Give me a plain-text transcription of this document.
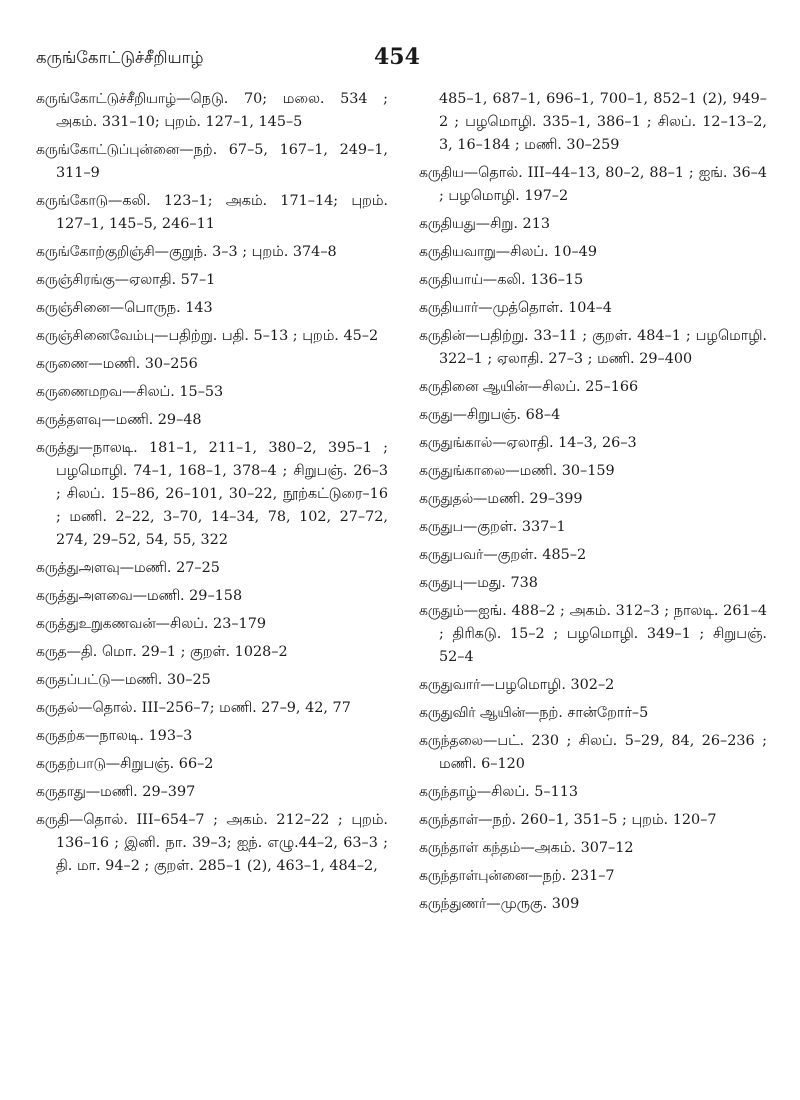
கருங்கோட்டுச்சீறியாழ்	454
கருங்கோட்டுச்சீறியாழ்—நெடு. 70; மலை. 534 ; அகம். 331–10; புறம். 127–1, 145–5
கருங்கோட்டுப்புன்னை—நற். 67–5, 167–1, 249–1, 311–9
கருங்கோடு—கலி. 123–1; அகம். 171–14; புறம். 127–1, 145–5, 246–11
கருங்கோற்குறிஞ்சி—குறுந். 3–3 ; புறம். 374–8
கருஞ்சிரங்கு—ஏலாதி. 57–1
கருஞ்சினை—பொருந. 143
கருஞ்சினைவேம்பு—பதிற்று. பதி. 5–13 ; புறம். 45–2
கருணை—மணி. 30–256
கருணைமறவ—சிலப். 15–53
கருத்தளவு—மணி. 29–48
கருத்து—நாலடி. 181–1, 211–1, 380–2, 395–1 ; பழமொழி. 74–1, 168–1, 378–4 ; சிறுபஞ். 26–3 ; சிலப். 15–86, 26–101, 30–22, நூற்கட்டுரை–16 ; மணி. 2–22, 3–70, 14–34, 78, 102, 27–72, 274, 29–52, 54, 55, 322
கருத்துஅளவு—மணி. 27–25
கருத்துஅளவை—மணி. 29–158
கருத்துஉறுகணவன்—சிலப். 23–179
கருத—தி. மொ. 29–1 ; குறள். 1028–2
கருதப்பட்டு—மணி. 30–25
கருதல்—தொல். III–256–7; மணி. 27–9, 42, 77
கருதற்க—நாலடி. 193–3
கருதற்பாடு—சிறுபஞ். 66–2
கருதாது—மணி. 29–397
கருதி—தொல். III–654–7 ; அகம். 212–22 ; புறம். 136–16 ; இனி. நா. 39–3; ஐந். எழு.44–2, 63–3 ; தி. மா. 94–2 ; குறள். 285–1 (2), 463–1, 484–2,
485–1, 687–1, 696–1, 700–1, 852–1 (2), 949–2 ; பழமொழி. 335–1, 386–1 ; சிலப். 12–13–2, 3, 16–184 ; மணி. 30–259
கருதிய—தொல். III–44–13, 80–2, 88–1 ; ஐங். 36–4 ; பழமொழி. 197–2
கருதியது—சிறு. 213
கருதியவாறு—சிலப். 10–49
கருதியாய்—கலி. 136–15
கருதியார்—முத்தொள். 104–4
கருதின்—பதிற்று. 33–11 ; குறள். 484–1 ; பழமொழி. 322–1 ; ஏலாதி. 27–3 ; மணி. 29–400
கருதினை ஆயின்—சிலப். 25–166
கருது—சிறுபஞ். 68–4
கருதுங்கால்—ஏலாதி. 14–3, 26–3
கருதுங்காலை—மணி. 30–159
கருதுதல்—மணி. 29–399
கருதுப—குறள். 337–1
கருதுபவர்—குறள். 485–2
கருதுபு—மது. 738
கருதும்—ஐங். 488–2 ; அகம். 312–3 ; நாலடி. 261–4 ; திரிகடு. 15–2 ; பழமொழி. 349–1 ; சிறுபஞ். 52–4
கருதுவார்—பழமொழி. 302–2
கருதுவிர் ஆயின்—நற். சான்றோர்–5
கருந்தலை—பட். 230 ; சிலப். 5–29, 84, 26–236 ; மணி. 6–120
கருந்தாழ்—சிலப். 5–113
கருந்தாள்—நற். 260–1, 351–5 ; புறம். 120–7
கருந்தாள் கந்தம்—அகம். 307–12
கருந்தாள்புன்னை—நற். 231–7
கருந்துணர்—முருகு. 309
